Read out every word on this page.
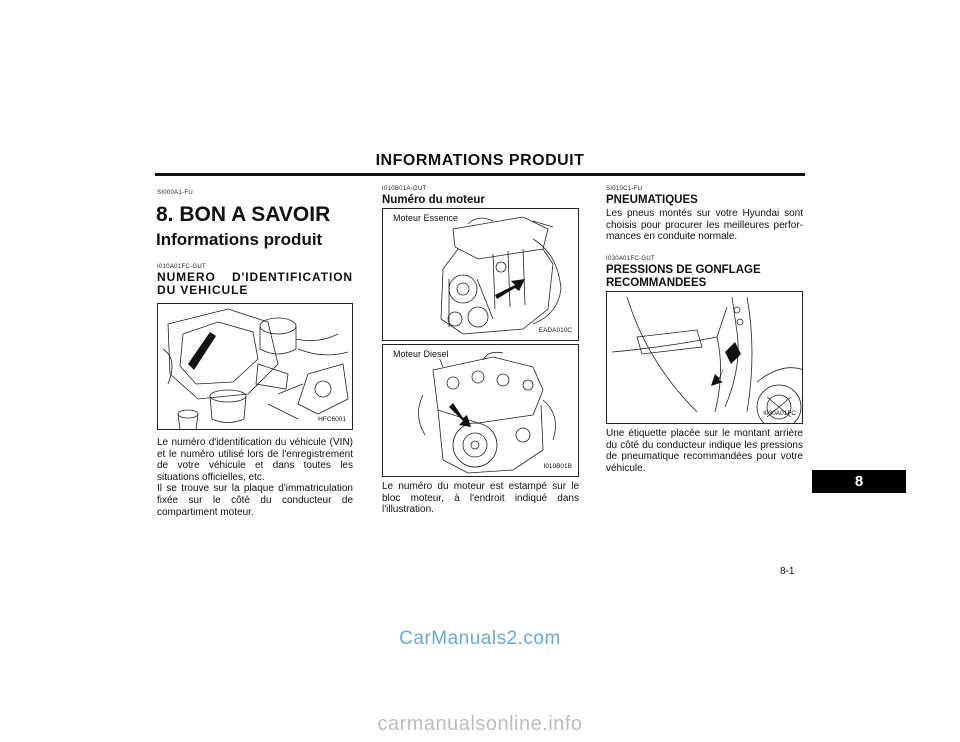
INFORMATIONS PRODUIT
SI000A1-FU
8. BON A SAVOIR
Informations produit
I010A01FC-GUT
NUMERO D'IDENTIFICATION DU VEHICULE
HFC6001
Le numéro d'identification du véhicule (VIN) et le numéro utilisé lors de l'enregistrement de votre véhicule et dans toutes les situations officielles, etc.
Il se trouve sur la plaque d'immatriculation fixée sur le côté du conducteur de compartiment moteur.
I010B01A-GUT
Numéro du moteur
Moteur Essence
EADA010C
Moteur Diesel
I010B01B
Le numéro du moteur est estampé sur le bloc moteur, à l'endroit indiqué dans l'illustration.
SI010C1-FU
PNEUMATIQUES
Les pneus montés sur votre Hyundai sont choisis pour procurer les meilleures perfor-mances en conduite normale.
I030A01FC-GUT
PRESSIONS DE GONFLAGE RECOMMANDEES
I030A01FC
Une étiquette placée sur le montant arrière du côté du conducteur indique les pressions de pneumatique recommandées pour votre véhicule.
8
8-1
CarManuals2.com
carmanualsonline.info
